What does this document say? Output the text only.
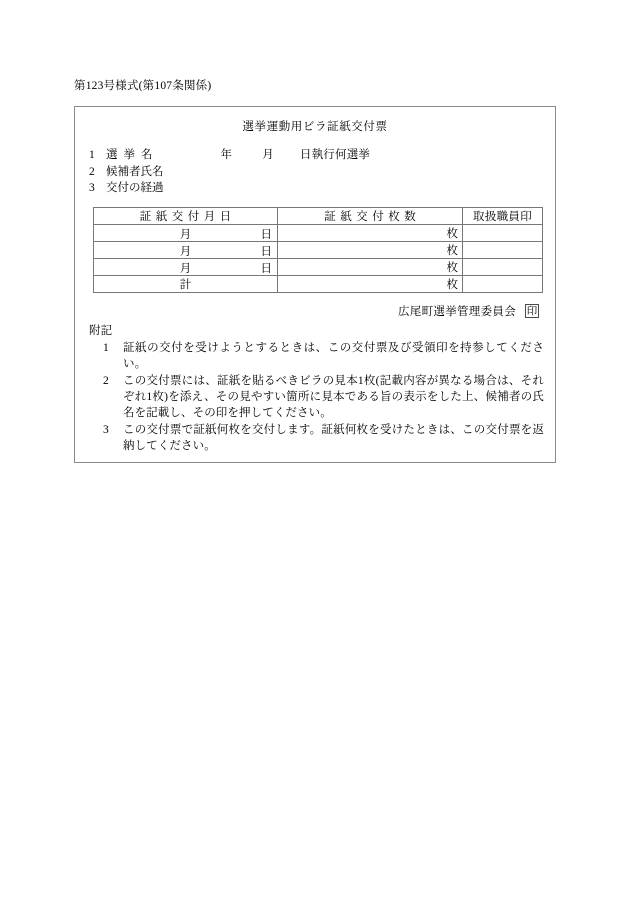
第123号様式(第107条関係)
選挙運動用ビラ証紙交付票
1 選挙名	年	月 日執行何選挙
2 候補者氏名
3 交付の経過
証紙交付月日	証紙交付枚数	取扱職員印

月 日	枚	

月 日	枚	

月 日	枚	
計	枚	
広尾町選挙管理委員会 印
附記
1	証紙の交付を受けようとするときは、この交付票及び受領印を持参してください。
2	この交付票には、証紙を貼るべきビラの見本1枚(記載内容が異なる場合は、それぞれ1枚)を添え、その見やすい箇所に見本である旨の表示をした上、候補者の氏名を記載し、その印を押してください。
3	この交付票で証紙何枚を交付します。証紙何枚を受けたときは、この交付票を返納してください。
